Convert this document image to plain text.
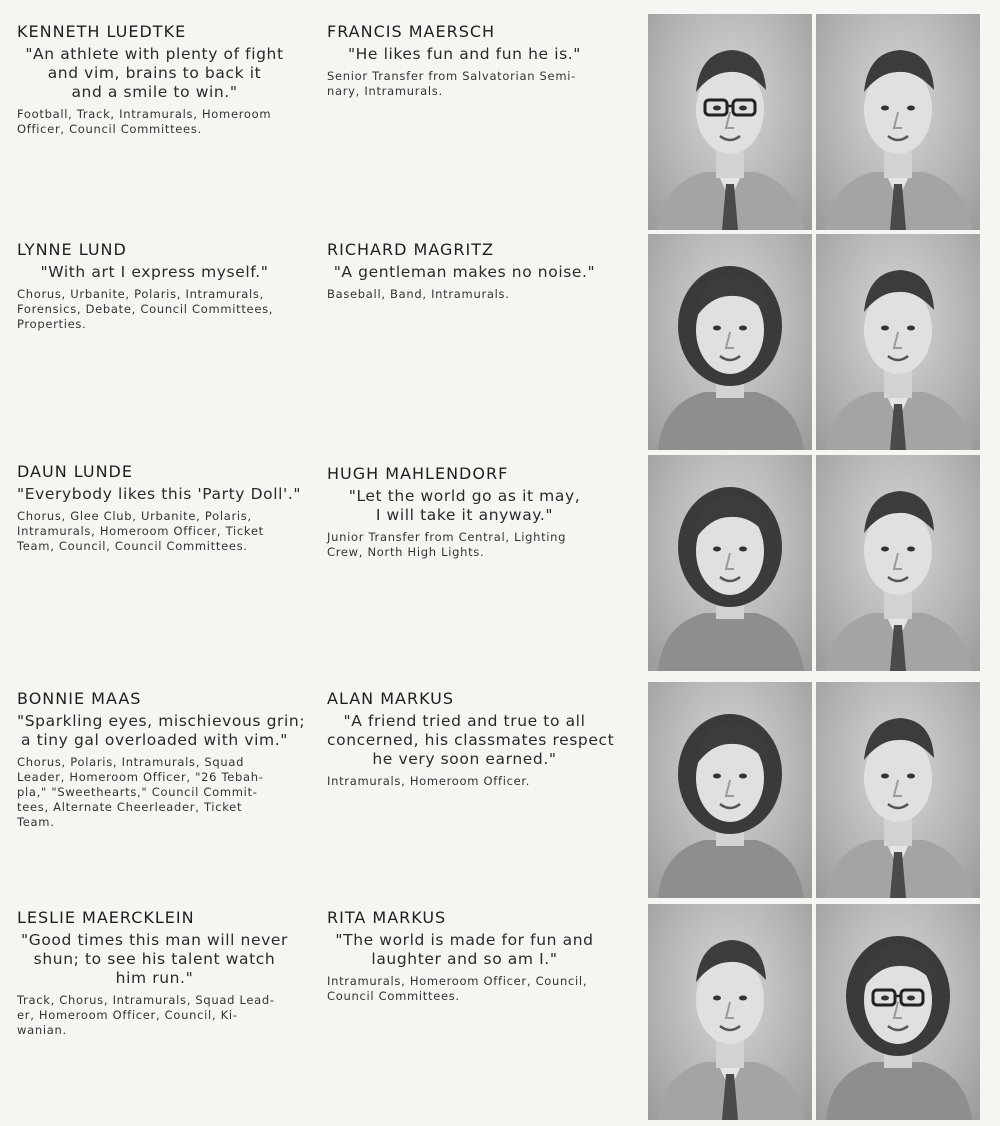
KENNETH LUEDTKE
"An athlete with plenty of fight
and vim, brains to back it
and a smile to win."
Football, Track, Intramurals, Homeroom
Officer, Council Committees.
FRANCIS MAERSCH
"He likes fun and fun he is."
Senior Transfer from Salvatorian Semi-
nary, Intramurals.
LYNNE LUND
"With art I express myself."
Chorus, Urbanite, Polaris, Intramurals,
Forensics, Debate, Council Committees,
Properties.
RICHARD MAGRITZ
"A gentleman makes no noise."
Baseball, Band, Intramurals.
DAUN LUNDE
"Everybody likes this 'Party Doll'."
Chorus, Glee Club, Urbanite, Polaris,
Intramurals, Homeroom Officer, Ticket
Team, Council, Council Committees.
HUGH MAHLENDORF
"Let the world go as it may,
I will take it anyway."
Junior Transfer from Central, Lighting
Crew, North High Lights.
BONNIE MAAS
"Sparkling eyes, mischievous grin;
a tiny gal overloaded with vim."
Chorus, Polaris, Intramurals, Squad
Leader, Homeroom Officer, "26 Tebah-
pla," "Sweethearts," Council Commit-
tees, Alternate Cheerleader, Ticket
Team.
ALAN MARKUS
"A friend tried and true to all
concerned, his classmates respect
he very soon earned."
Intramurals, Homeroom Officer.
LESLIE MAERCKLEIN
"Good times this man will never
shun; to see his talent watch
him run."
Track, Chorus, Intramurals, Squad Lead-
er, Homeroom Officer, Council, Ki-
wanian.
RITA MARKUS
"The world is made for fun and
laughter and so am I."
Intramurals, Homeroom Officer, Council,
Council Committees.
